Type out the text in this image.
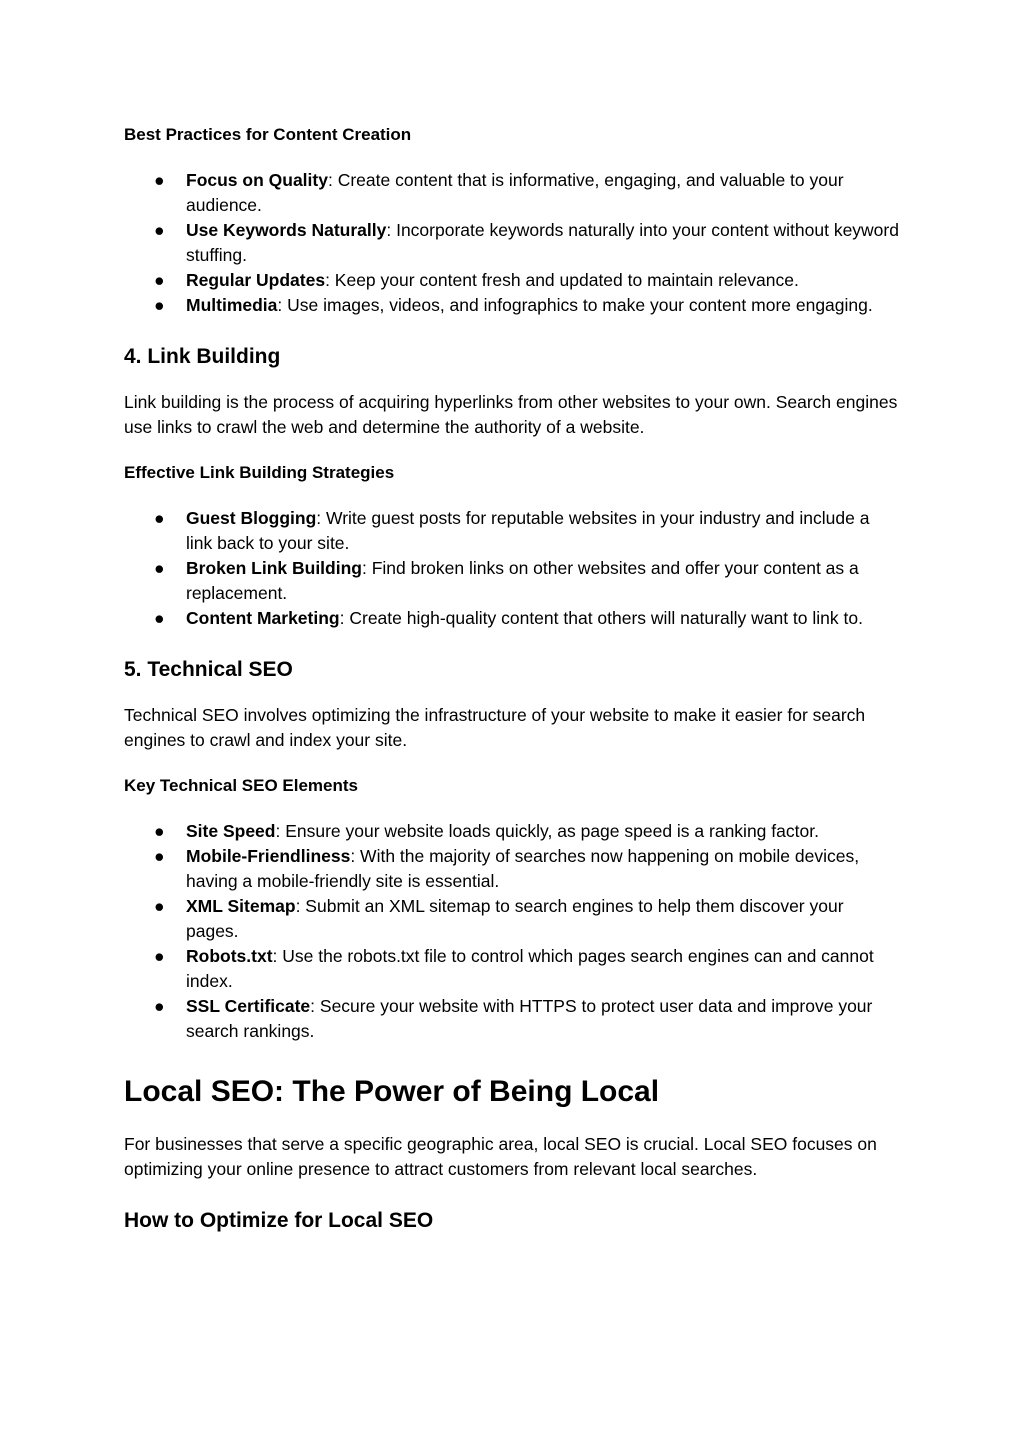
Best Practices for Content Creation

● Focus on Quality: Create content that is informative, engaging, and valuable to your audience.
● Use Keywords Naturally: Incorporate keywords naturally into your content without keyword stuffing.
● Regular Updates: Keep your content fresh and updated to maintain relevance.
● Multimedia: Use images, videos, and infographics to make your content more engaging.

4. Link Building

Link building is the process of acquiring hyperlinks from other websites to your own. Search engines use links to crawl the web and determine the authority of a website.

Effective Link Building Strategies

● Guest Blogging: Write guest posts for reputable websites in your industry and include a link back to your site.
● Broken Link Building: Find broken links on other websites and offer your content as a replacement.
● Content Marketing: Create high-quality content that others will naturally want to link to.

5. Technical SEO

Technical SEO involves optimizing the infrastructure of your website to make it easier for search engines to crawl and index your site.

Key Technical SEO Elements

● Site Speed: Ensure your website loads quickly, as page speed is a ranking factor.
● Mobile-Friendliness: With the majority of searches now happening on mobile devices, having a mobile-friendly site is essential.
● XML Sitemap: Submit an XML sitemap to search engines to help them discover your pages.
● Robots.txt: Use the robots.txt file to control which pages search engines can and cannot index.
● SSL Certificate: Secure your website with HTTPS to protect user data and improve your search rankings.

Local SEO: The Power of Being Local

For businesses that serve a specific geographic area, local SEO is crucial. Local SEO focuses on optimizing your online presence to attract customers from relevant local searches.

How to Optimize for Local SEO
